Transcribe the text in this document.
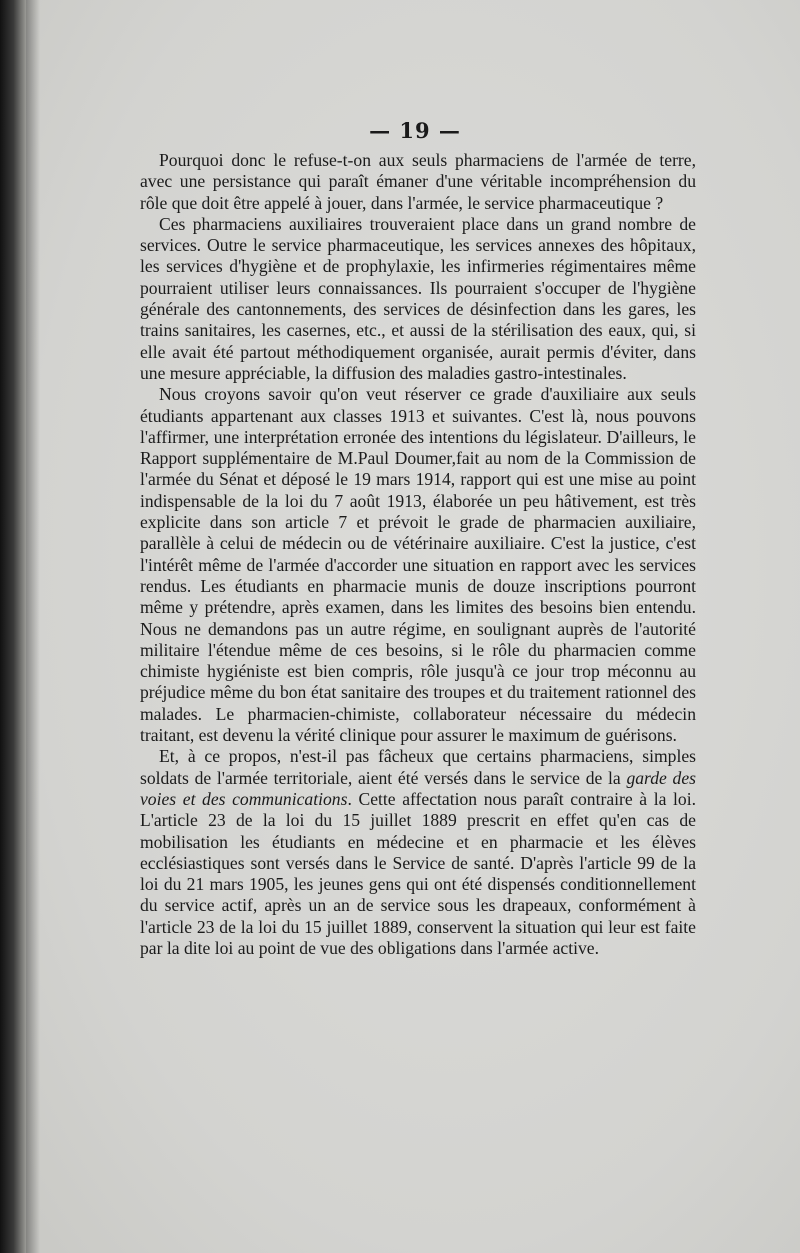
— 19 —

Pourquoi donc le refuse-t-on aux seuls pharmaciens de l'armée de terre, avec une persistance qui paraît émaner d'une véritable incompréhension du rôle que doit être appelé à jouer, dans l'armée, le service pharmaceutique ?

Ces pharmaciens auxiliaires trouveraient place dans un grand nombre de services. Outre le service pharmaceutique, les services annexes des hôpitaux, les services d'hygiène et de prophylaxie, les infirmeries régimentaires même pourraient utiliser leurs connaissances. Ils pourraient s'occuper de l'hygiène générale des cantonnements, des services de désinfection dans les gares, les trains sanitaires, les casernes, etc., et aussi de la stérilisation des eaux, qui, si elle avait été partout méthodiquement organisée, aurait permis d'éviter, dans une mesure appréciable, la diffusion des maladies gastro-intestinales.

Nous croyons savoir qu'on veut réserver ce grade d'auxiliaire aux seuls étudiants appartenant aux classes 1913 et suivantes. C'est là, nous pouvons l'affirmer, une interprétation erronée des intentions du législateur. D'ailleurs, le Rapport supplémentaire de M.Paul Doumer,fait au nom de la Commission de l'armée du Sénat et déposé le 19 mars 1914, rapport qui est une mise au point indispensable de la loi du 7 août 1913, élaborée un peu hâtivement, est très explicite dans son article 7 et prévoit le grade de pharmacien auxiliaire, parallèle à celui de médecin ou de vétérinaire auxiliaire. C'est la justice, c'est l'intérêt même de l'armée d'accorder une situation en rapport avec les services rendus. Les étudiants en pharmacie munis de douze inscriptions pourront même y prétendre, après examen, dans les limites des besoins bien entendu. Nous ne demandons pas un autre régime, en soulignant auprès de l'autorité militaire l'étendue même de ces besoins, si le rôle du pharmacien comme chimiste hygiéniste est bien compris, rôle jusqu'à ce jour trop méconnu au préjudice même du bon état sanitaire des troupes et du traitement rationnel des malades. Le pharmacien-chimiste, collaborateur nécessaire du médecin traitant, est devenu la vérité clinique pour assurer le maximum de guérisons.

Et, à ce propos, n'est-il pas fâcheux que certains pharmaciens, simples soldats de l'armée territoriale, aient été versés dans le service de la garde des voies et des communications. Cette affectation nous paraît contraire à la loi. L'article 23 de la loi du 15 juillet 1889 prescrit en effet qu'en cas de mobilisation les étudiants en médecine et en pharmacie et les élèves ecclésiastiques sont versés dans le Service de santé. D'après l'article 99 de la loi du 21 mars 1905, les jeunes gens qui ont été dispensés conditionnellement du service actif, après un an de service sous les drapeaux, conformément à l'article 23 de la loi du 15 juillet 1889, conservent la situation qui leur est faite par la dite loi au point de vue des obligations dans l'armée active.
